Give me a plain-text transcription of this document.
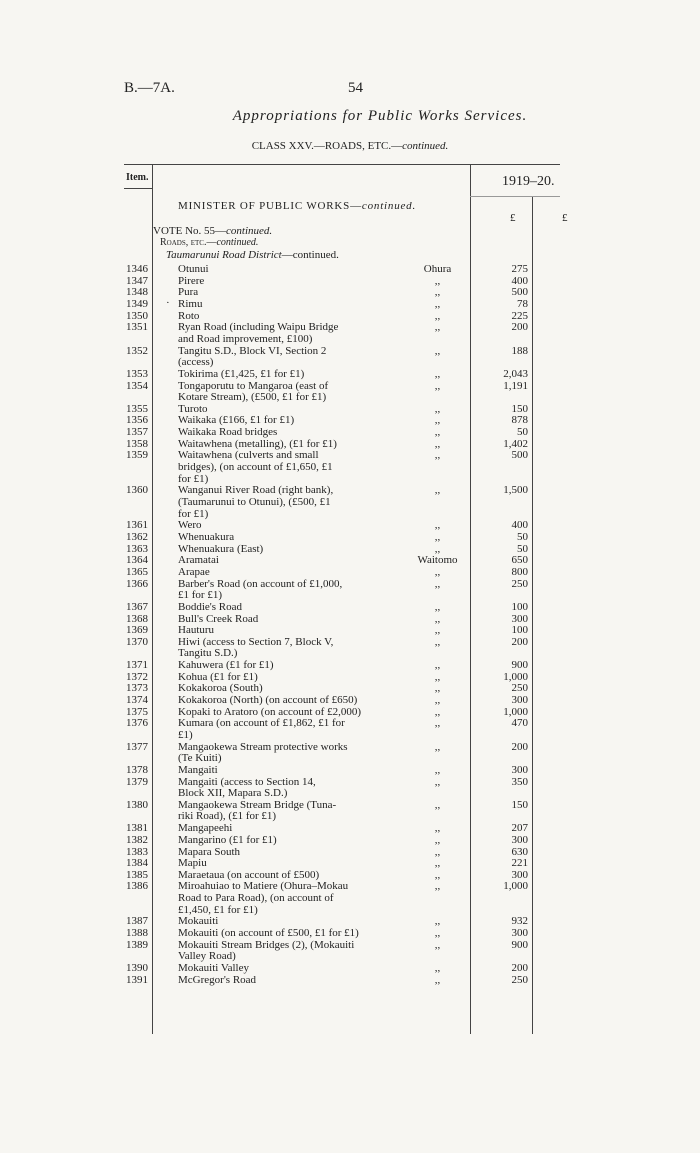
B.—7A.	54
Appropriations for Public Works Services.
CLASS XXV.—ROADS, ETC.—continued.
Item.	1919–20.
£	£
MINISTER OF PUBLIC WORKS—continued.
VOTE No. 55—continued.
Roads, etc.—continued.
Taumarunui Road District—continued.
·
1346	Otunui	Ohura	275
1347	Pirere	,,	400
1348	Pura	,,	500
1349	Rimu	,,	78
1350	Roto	,,	225
1351	Ryan Road (including Waipu Bridge
and Road improvement, £100)
,,	200
1352	Tangitu S.D., Block VI, Section 2
(access)
,,	188
1353	Tokirima (£1,425, £1 for £1)	,,	2,043
1354	Tongaporutu to Mangaroa (east of
Kotare Stream), (£500, £1 for £1)
,,	1,191
1355	Turoto	,,	150
1356	Waikaka (£166, £1 for £1)	,,	878
1357	Waikaka Road bridges	,,	50
1358	Waitawhena (metalling), (£1 for £1)	,,	1,402
1359	Waitawhena (culverts and small
bridges), (on account of £1,650, £1
for £1)
,,	500
1360	Wanganui River Road (right bank),
(Taumarunui to Otunui), (£500, £1
for £1)
,,	1,500
1361	Wero	,,	400
1362	Whenuakura	,,	50
1363	Whenuakura (East)	,,	50
1364	Aramatai	Waitomo	650
1365	Arapae	,,	800
1366	Barber's Road (on account of £1,000,
£1 for £1)
,,	250
1367	Boddie's Road	,,	100
1368	Bull's Creek Road	,,	300
1369	Hauturu	,,	100
1370	Hiwi (access to Section 7, Block V,
Tangitu S.D.)
,,	200
1371	Kahuwera (£1 for £1)	,,	900
1372	Kohua (£1 for £1)	,,	1,000
1373	Kokakoroa (South)	,,	250
1374	Kokakoroa (North) (on account of £650)	,,	300
1375	Kopaki to Aratoro (on account of £2,000)	,,	1,000
1376	Kumara (on account of £1,862, £1 for
£1)
,,	470
1377	Mangaokewa Stream protective works
(Te Kuiti)
,,	200
1378	Mangaiti	,,	300
1379	Mangaiti (access to Section 14,
Block XII, Mapara S.D.)
,,	350
1380	Mangaokewa Stream Bridge (Tuna-
riki Road), (£1 for £1)
,,	150
1381	Mangapeehi	,,	207
1382	Mangarino (£1 for £1)	,,	300
1383	Mapara South	,,	630
1384	Mapiu	,,	221
1385	Maraetaua (on account of £500)	,,	300
1386	Miroahuiao to Matiere (Ohura–Mokau
Road to Para Road), (on account of
£1,450, £1 for £1)
,,	1,000
1387	Mokauiti	,,	932
1388	Mokauiti (on account of £500, £1 for £1)	,,	300
1389	Mokauiti Stream Bridges (2), (Mokauiti
Valley Road)
,,	900
1390	Mokauiti Valley	,,	200
1391	McGregor's Road	,,	250
